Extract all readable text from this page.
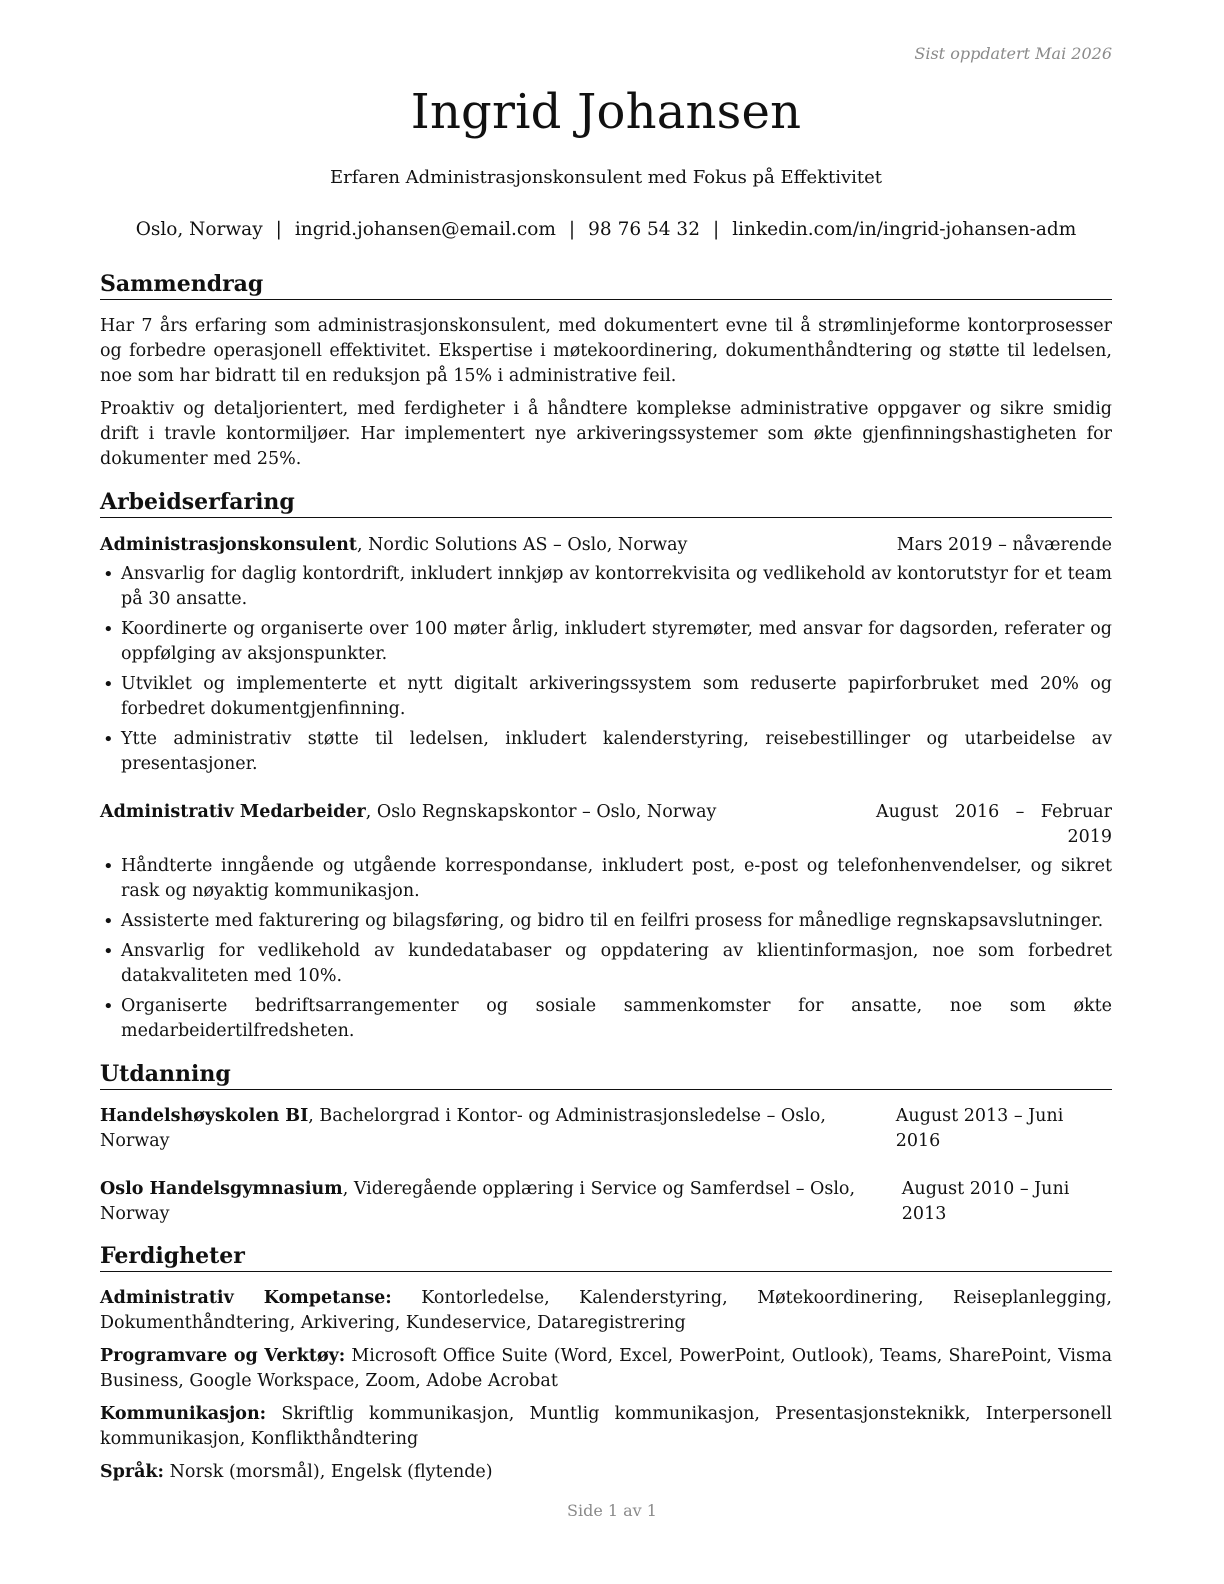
Sist oppdatert Mai 2026
Ingrid Johansen
Erfaren Administrasjonskonsulent med Fokus på Effektivitet
Oslo, Norway | ingrid.johansen@email.com | 98 76 54 32 | linkedin.com/in/ingrid-johansen-adm
Sammendrag

Har 7 års erfaring som administrasjonskonsulent, med dokumentert evne til å strømlinjeforme kontorprosesser og forbedre operasjonell effektivitet. Ekspertise i møtekoordinering, dokumenthåndtering og støtte til ledelsen, noe som har bidratt til en reduksjon på 15% i administrative feil.

Proaktiv og detaljorientert, med ferdigheter i å håndtere komplekse administrative oppgaver og sikre smidig drift i travle kontormiljøer. Har implementert nye arkiveringssystemer som økte gjenfinningshastigheten for dokumenter med 25%.

Arbeidserfaring
Administrasjonskonsulent, Nordic Solutions AS – Oslo, Norway	Mars 2019 – nåværende
• Ansvarlig for daglig kontordrift, inkludert innkjøp av kontorrekvisita og vedlikehold av kontorutstyr for et team på 30 ansatte.
• Koordinerte og organiserte over 100 møter årlig, inkludert styremøter, med ansvar for dagsorden, referater og oppfølging av aksjonspunkter.
• Utviklet og implementerte et nytt digitalt arkiveringssystem som reduserte papirforbruket med 20% og forbedret dokumentgjenfinning.
• Ytte administrativ støtte til ledelsen, inkludert kalenderstyring, reisebestillinger og utarbeidelse av presentasjoner.
Administrativ Medarbeider, Oslo Regnskapskontor – Oslo, Norway	August 2016 – Februar 2019
• Håndterte inngående og utgående korrespondanse, inkludert post, e-post og telefonhenvendelser, og sikret rask og nøyaktig kommunikasjon.
• Assisterte med fakturering og bilagsføring, og bidro til en feilfri prosess for månedlige regnskapsavslutninger.
• Ansvarlig for vedlikehold av kundedatabaser og oppdatering av klientinformasjon, noe som forbedret datakvaliteten med 10%.
• Organiserte bedriftsarrangementer og sosiale sammenkomster for ansatte, noe som økte medarbeidertilfredsheten.
Utdanning
Handelshøyskolen BI, Bachelorgrad i Kontor- og Administrasjonsledelse – Oslo, Norway
August 2013 – Juni 2016
Oslo Handelsgymnasium, Videregående opplæring i Service og Samferdsel – Oslo, Norway
August 2010 – Juni 2013
Ferdigheter

Administrativ Kompetanse: Kontorledelse, Kalenderstyring, Møtekoordinering, Reiseplanlegging, Dokumenthåndtering, Arkivering, Kundeservice, Dataregistrering

Programvare og Verktøy: Microsoft Office Suite (Word, Excel, PowerPoint, Outlook), Teams, SharePoint, Visma Business, Google Workspace, Zoom, Adobe Acrobat

Kommunikasjon: Skriftlig kommunikasjon, Muntlig kommunikasjon, Presentasjonsteknikk, Interpersonell kommunikasjon, Konflikthåndtering

Språk: Norsk (morsmål), Engelsk (flytende)

Side 1 av 1
